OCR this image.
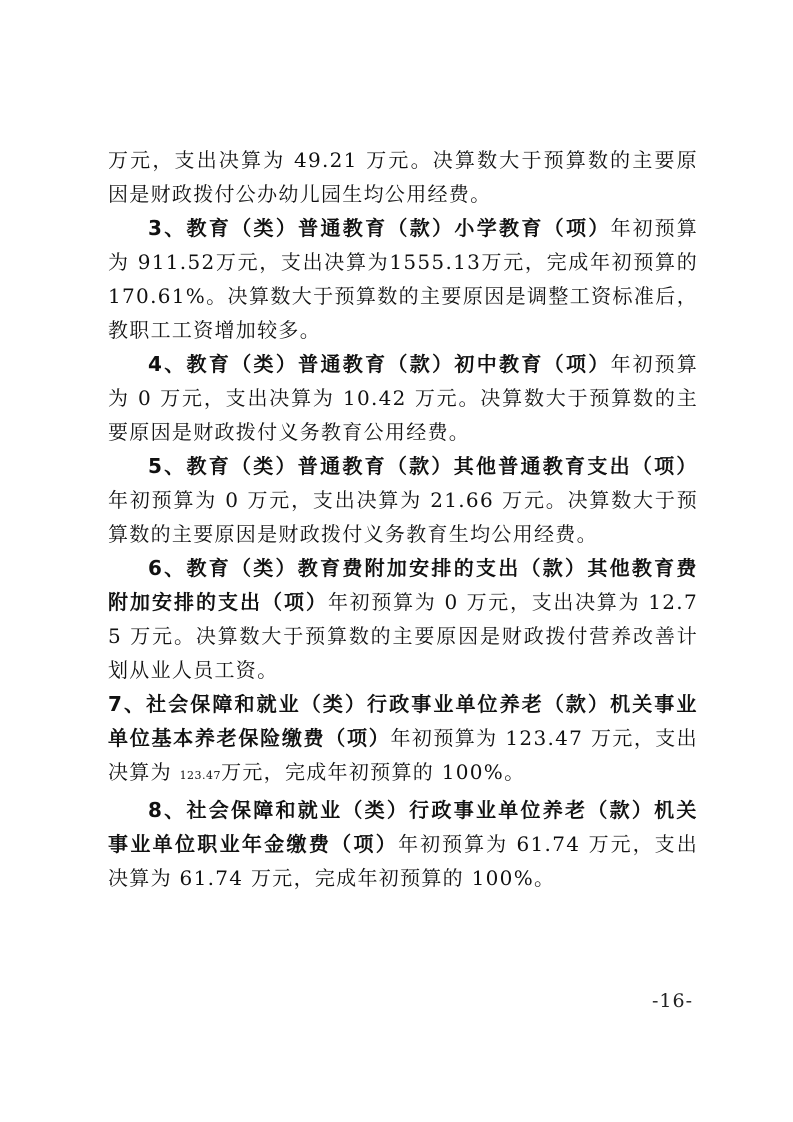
万元，支出决算为 49.21 万元。决算数大于预算数的主要原因是财政拨付公办幼儿园生均公用经费。

3、教育（类）普通教育（款）小学教育（项）年初预算为 911.52万元，支出决算为1555.13万元，完成年初预算的170.61%。决算数大于预算数的主要原因是调整工资标准后，教职工工资增加较多。

4、教育（类）普通教育（款）初中教育（项）年初预算为 0 万元，支出决算为 10.42 万元。决算数大于预算数的主要原因是财政拨付义务教育公用经费。

5、教育（类）普通教育（款）其他普通教育支出（项）年初预算为 0 万元，支出决算为 21.66 万元。决算数大于预算数的主要原因是财政拨付义务教育生均公用经费。

6、教育（类）教育费附加安排的支出（款）其他教育费附加安排的支出（项）年初预算为 0 万元，支出决算为 12.75 万元。决算数大于预算数的主要原因是财政拨付营养改善计划从业人员工资。

7、社会保障和就业（类）行政事业单位养老（款）机关事业单位基本养老保险缴费（项）年初预算为 123.47 万元，支出决算为 123.47万元，完成年初预算的 100%。

8、社会保障和就业（类）行政事业单位养老（款）机关事业单位职业年金缴费（项）年初预算为 61.74 万元，支出决算为 61.74 万元，完成年初预算的 100%。

-16-
